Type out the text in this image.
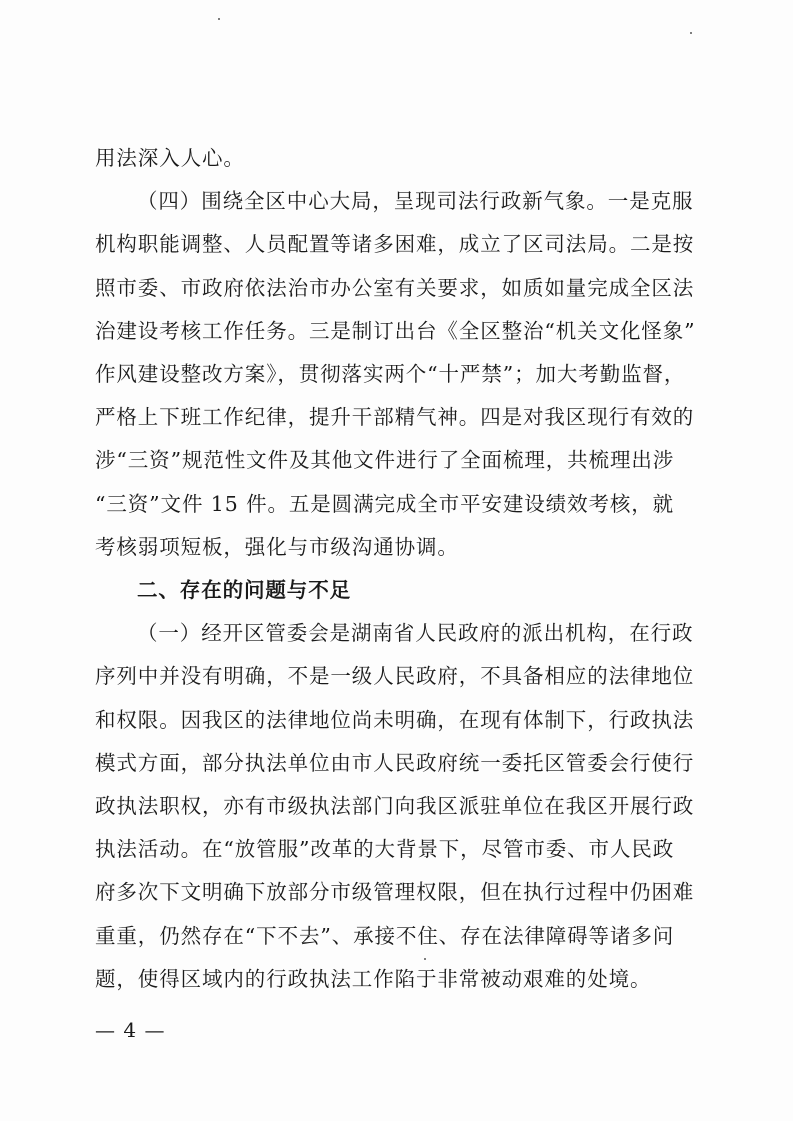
用法深入人心。
（四）围绕全区中心大局，呈现司法行政新气象。一是克服
机构职能调整、人员配置等诸多困难，成立了区司法局。二是按
照市委、市政府依法治市办公室有关要求，如质如量完成全区法
治建设考核工作任务。三是制订出台《全区整治“机关文化怪象”
作风建设整改方案》，贯彻落实两个“十严禁”；加大考勤监督，
严格上下班工作纪律，提升干部精气神。四是对我区现行有效的
涉“三资”规范性文件及其他文件进行了全面梳理，共梳理出涉
“三资”文件 15 件。五是圆满完成全市平安建设绩效考核，就
考核弱项短板，强化与市级沟通协调。
二、存在的问题与不足
（一）经开区管委会是湖南省人民政府的派出机构，在行政
序列中并没有明确，不是一级人民政府，不具备相应的法律地位
和权限。因我区的法律地位尚未明确，在现有体制下，行政执法
模式方面，部分执法单位由市人民政府统一委托区管委会行使行
政执法职权，亦有市级执法部门向我区派驻单位在我区开展行政
执法活动。在“放管服”改革的大背景下，尽管市委、市人民政
府多次下文明确下放部分市级管理权限，但在执行过程中仍困难
重重，仍然存在“下不去”、承接不住、存在法律障碍等诸多问
— 4 —
题，使得区域内的行政执法工作陷于非常被动艰难的处境。
